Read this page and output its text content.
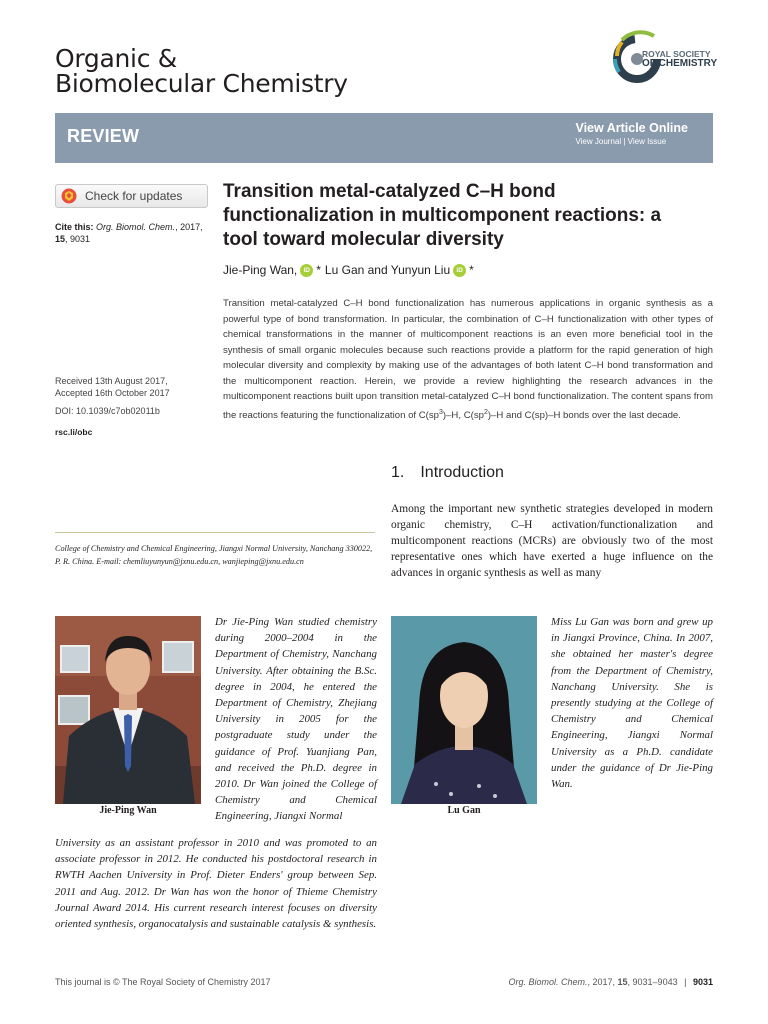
Organic &
Biomolecular Chemistry
ROYAL SOCIETY
OF CHEMISTRY
REVIEW	View Article Online
View Journal | View Issue
Check for updates
Cite this: Org. Biomol. Chem., 2017, 15, 9031
Received 13th August 2017,
Accepted 16th October 2017
DOI: 10.1039/c7ob02011b
rsc.li/obc
Transition metal-catalyzed C–H bond functionalization in multicomponent reactions: a tool toward molecular diversity
Jie-Ping Wan, iD * Lu Gan and Yunyun Liu iD *
Transition metal-catalyzed C–H bond functionalization has numerous applications in organic synthesis as a powerful type of bond transformation. In particular, the combination of C–H functionalization with other types of chemical transformations in the manner of multicomponent reactions is an even more beneficial tool in the synthesis of small organic molecules because such reactions provide a platform for the rapid generation of high molecular diversity and complexity by making use of the advantages of both latent C–H bond transformation and the multicomponent reaction. Herein, we provide a review highlighting the research advances in the multicomponent reactions built upon transition metal-catalyzed C–H bond functionalization. The content spans from the reactions featuring the functionalization of $C(sp^3)-H$, $C(sp^2)-H$ and C(sp)–H bonds over the last decade.
1. Introduction
Among the important new synthetic strategies developed in modern organic chemistry, C–H activation/functionalization and multicomponent reactions (MCRs) are obviously two of the most representative ones which have exerted a huge influence on the advances in organic synthesis as well as many
College of Chemistry and Chemical Engineering, Jiangxi Normal University, Nanchang 330022, P. R. China. E-mail: chemliuyunyun@jxnu.edu.cn, wanjieping@jxnu.edu.cn
Jie-Ping Wan
Dr Jie-Ping Wan studied chemistry during 2000–2004 in the Department of Chemistry, Nanchang University. After obtaining the B.Sc. degree in 2004, he entered the Department of Chemistry, Zhejiang University in 2005 for the postgraduate study under the guidance of Prof. Yuanjiang Pan, and received the Ph.D. degree in 2010. Dr Wan joined the College of Chemistry and Chemical Engineering, Jiangxi Normal
University as an assistant professor in 2010 and was promoted to an associate professor in 2012. He conducted his postdoctoral research in RWTH Aachen University in Prof. Dieter Enders' group between Sep. 2011 and Aug. 2012. Dr Wan has won the honor of Thieme Chemistry Journal Award 2014. His current research interest focuses on diversity oriented synthesis, organocatalysis and sustainable catalysis & synthesis.
Lu Gan
Miss Lu Gan was born and grew up in Jiangxi Province, China. In 2007, she obtained her master's degree from the Department of Chemistry, Nanchang University. She is presently studying at the College of Chemistry and Chemical Engineering, Jiangxi Normal University as a Ph.D. candidate under the guidance of Dr Jie-Ping Wan.
This journal is © The Royal Society of Chemistry 2017	Org. Biomol. Chem., 2017, 15, 9031–9043 | 9031
